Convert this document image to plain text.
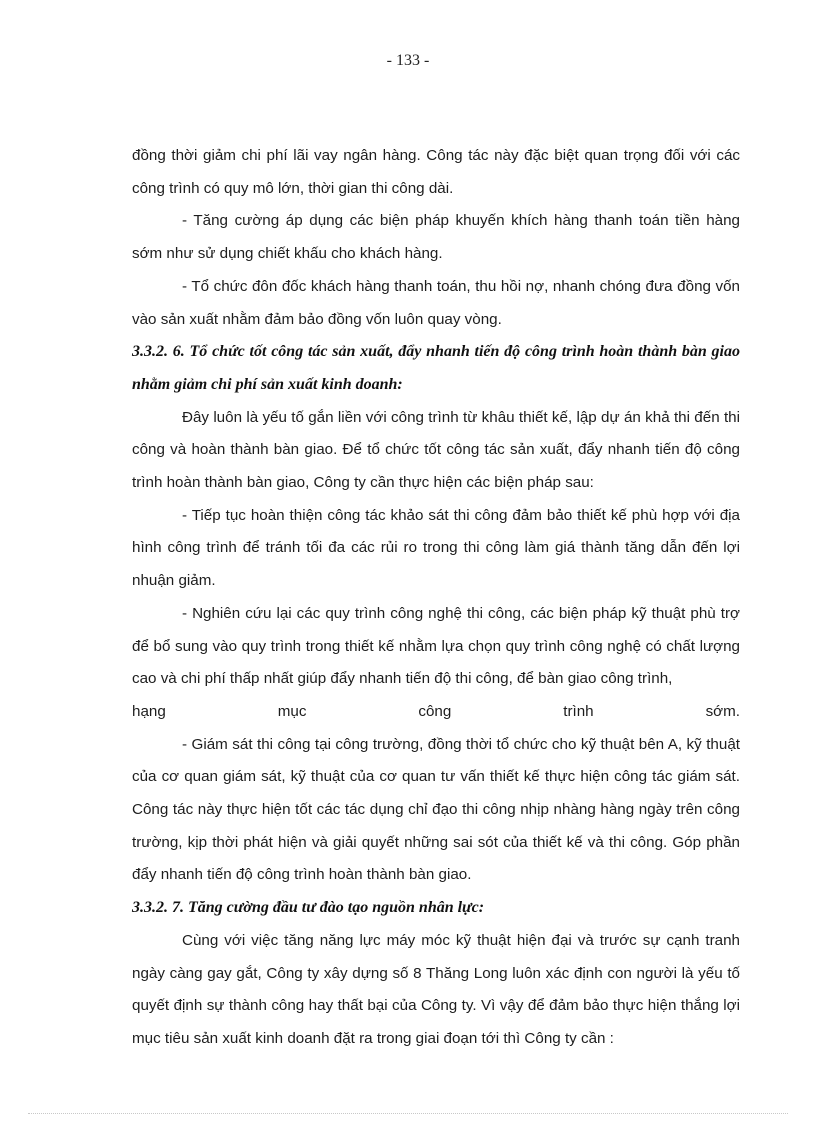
- 133 -

đồng thời giảm chi phí lãi vay ngân hàng. Công tác này đặc biệt quan trọng đối với các công trình có quy mô lớn, thời gian thi công dài.

- Tăng cường áp dụng các biện pháp khuyến khích hàng thanh toán tiền hàng sớm như sử dụng chiết khấu cho khách hàng.

- Tổ chức đôn đốc khách hàng thanh toán, thu hồi nợ, nhanh chóng đưa đồng vốn vào sản xuất nhằm đảm bảo đồng vốn luôn quay vòng.

3.3.2. 6. Tổ chức tốt công tác sản xuất, đẩy nhanh tiến độ công trình hoàn thành bàn giao nhằm giảm chi phí sản xuất kinh doanh:

Đây luôn là yếu tố gắn liền với công trình từ khâu thiết kế, lập dự án khả thi đến thi công và hoàn thành bàn giao. Để tổ chức tốt công tác sản xuất, đẩy nhanh tiến độ công trình hoàn thành bàn giao, Công ty cần thực hiện các biện pháp sau:

- Tiếp tục hoàn thiện công tác khảo sát thi công đảm bảo thiết kế phù hợp với địa hình công trình để tránh tối đa các rủi ro trong thi công làm giá thành tăng dẫn đến lợi nhuận giảm.

- Nghiên cứu lại các quy trình công nghệ thi công, các biện pháp kỹ thuật phù trợ để bổ sung vào quy trình trong thiết kế nhằm lựa chọn quy trình công nghệ có chất lượng cao và chi phí thấp nhất giúp đẩy nhanh tiến độ thi công, để bàn giao công trình,

hạng mục công trình sớm.

- Giám sát thi công tại công trường, đồng thời tổ chức cho kỹ thuật bên A, kỹ thuật của cơ quan giám sát, kỹ thuật của cơ quan tư vấn thiết kế thực hiện công tác giám sát. Công tác này thực hiện tốt các tác dụng chỉ đạo thi công nhịp nhàng hàng ngày trên công trường, kịp thời phát hiện và giải quyết những sai sót của thiết kế và thi công. Góp phần đẩy nhanh tiến độ công trình hoàn thành bàn giao.

3.3.2. 7. Tăng cường đầu tư đào tạo nguồn nhân lực:

Cùng với việc tăng năng lực máy móc kỹ thuật hiện đại và trước sự cạnh tranh ngày càng gay gắt, Công ty xây dựng số 8 Thăng Long luôn xác định con người là yếu tố quyết định sự thành công hay thất bại của Công ty. Vì vậy để đảm bảo thực hiện thắng lợi mục tiêu sản xuất kinh doanh đặt ra trong giai đoạn tới thì Công ty cần :
